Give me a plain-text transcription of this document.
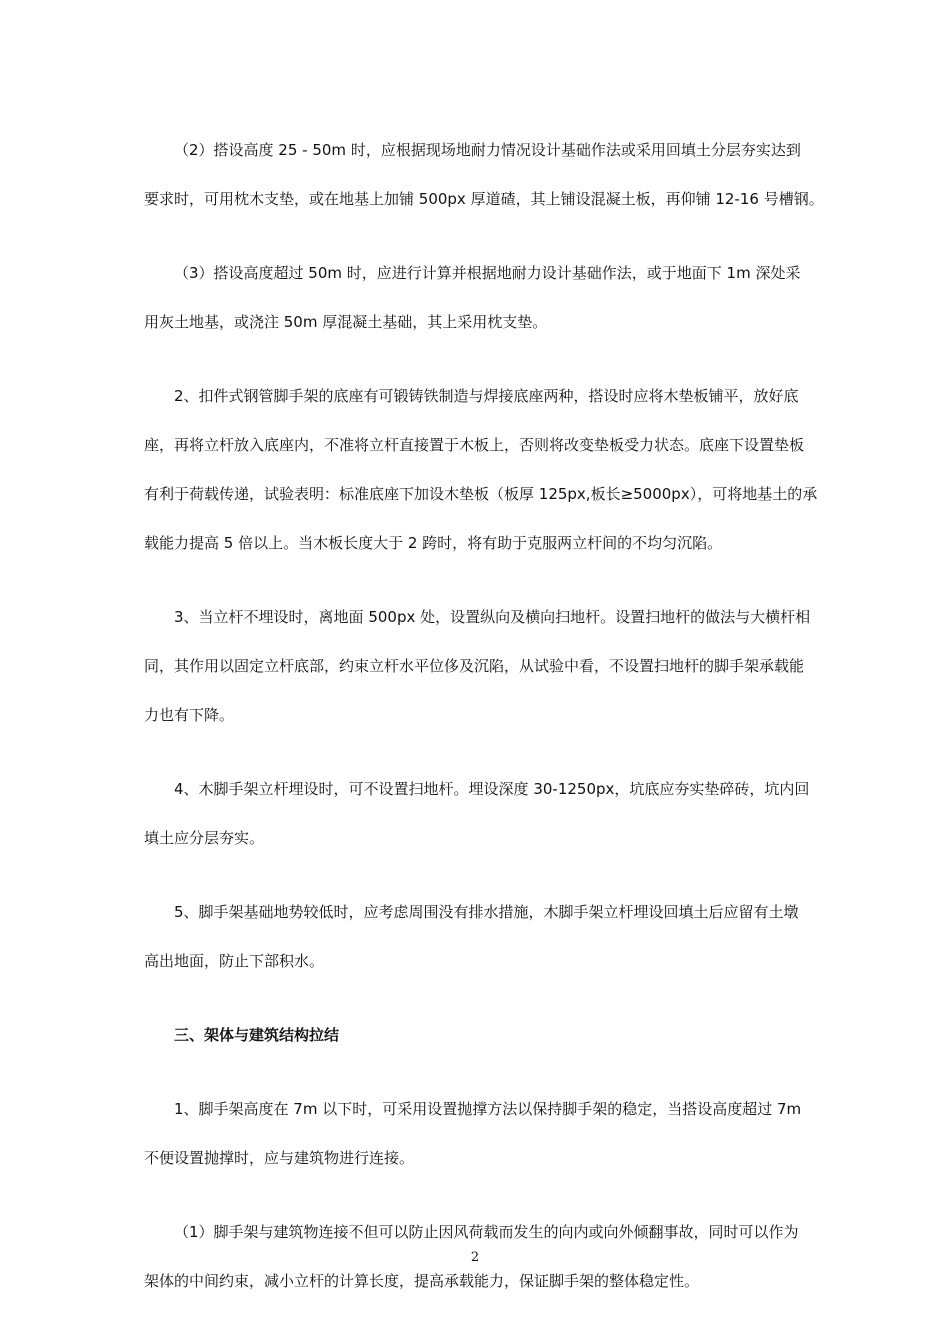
（2）搭设高度 25 - 50m 时，应根据现场地耐力情况设计基础作法或采用回填土分层夯实达到
要求时，可用枕木支垫，或在地基上加铺 500px 厚道碴，其上铺设混凝土板，再仰铺 12-16 号槽钢。
（3）搭设高度超过 50m 时，应进行计算并根据地耐力设计基础作法，或于地面下 1m 深处采
用灰土地基，或浇注 50m 厚混凝土基础，其上采用枕支垫。
2、扣件式钢管脚手架的底座有可锻铸铁制造与焊接底座两种，搭设时应将木垫板铺平，放好底
座，再将立杆放入底座内，不准将立杆直接置于木板上，否则将改变垫板受力状态。底座下设置垫板
有利于荷载传递，试验表明：标准底座下加设木垫板（板厚 125px,板长≥5000px），可将地基土的承
载能力提高 5 倍以上。当木板长度大于 2 跨时，将有助于克服两立杆间的不均匀沉陷。
3、当立杆不埋设时，离地面 500px 处，设置纵向及横向扫地杆。设置扫地杆的做法与大横杆相
同，其作用以固定立杆底部，约束立杆水平位侈及沉陷，从试验中看，不设置扫地杆的脚手架承载能
力也有下降。
4、木脚手架立杆埋设时，可不设置扫地杆。埋设深度 30-1250px，坑底应夯实垫碎砖，坑内回
填土应分层夯实。
5、脚手架基础地势较低时，应考虑周围没有排水措施，木脚手架立杆埋设回填土后应留有土墩
高出地面，防止下部积水。
三、架体与建筑结构拉结
1、脚手架高度在 7m 以下时，可采用设置抛撑方法以保持脚手架的稳定，当搭设高度超过 7m
不便设置抛撑时，应与建筑物进行连接。
（1）脚手架与建筑物连接不但可以防止因风荷载而发生的向内或向外倾翻事故，同时可以作为
架体的中间约束，减小立杆的计算长度，提高承载能力，保证脚手架的整体稳定性。
2
